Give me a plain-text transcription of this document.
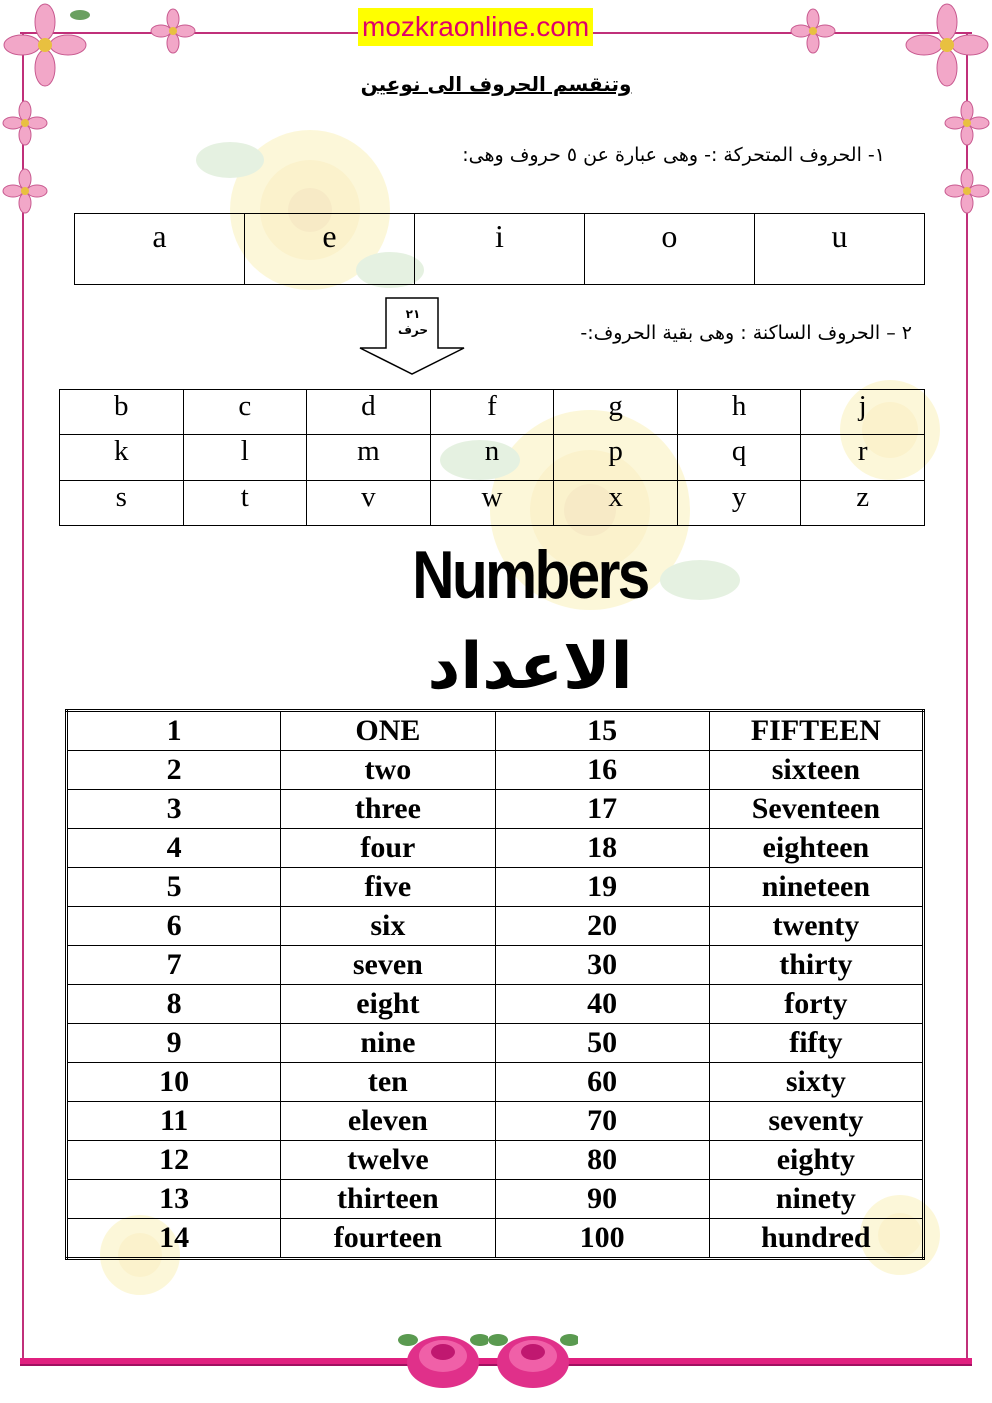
mozkraonline.com
وتنقسم الحروف الى نوعين
١- الحروف المتحركة :- وهى عبارة عن ٥ حروف وهى:
a	e	i	o	u
٢١
حرف	٢ – الحروف الساكنة : وهى بقية الحروف:-
b	c	d	f	g	h	j
k	l	m	n	p	q	r
s	t	v	w	x	y	z
Numbers
الاعداد
1	ONE	15	FIFTEEN
2	two	16	sixteen
3	three	17	Seventeen
4	four	18	eighteen
5	five	19	nineteen
6	six	20	twenty
7	seven	30	thirty
8	eight	40	forty
9	nine	50	fifty
10	ten	60	sixty
11	eleven	70	seventy
12	twelve	80	eighty
13	thirteen	90	ninety
14	fourteen	100	hundred
